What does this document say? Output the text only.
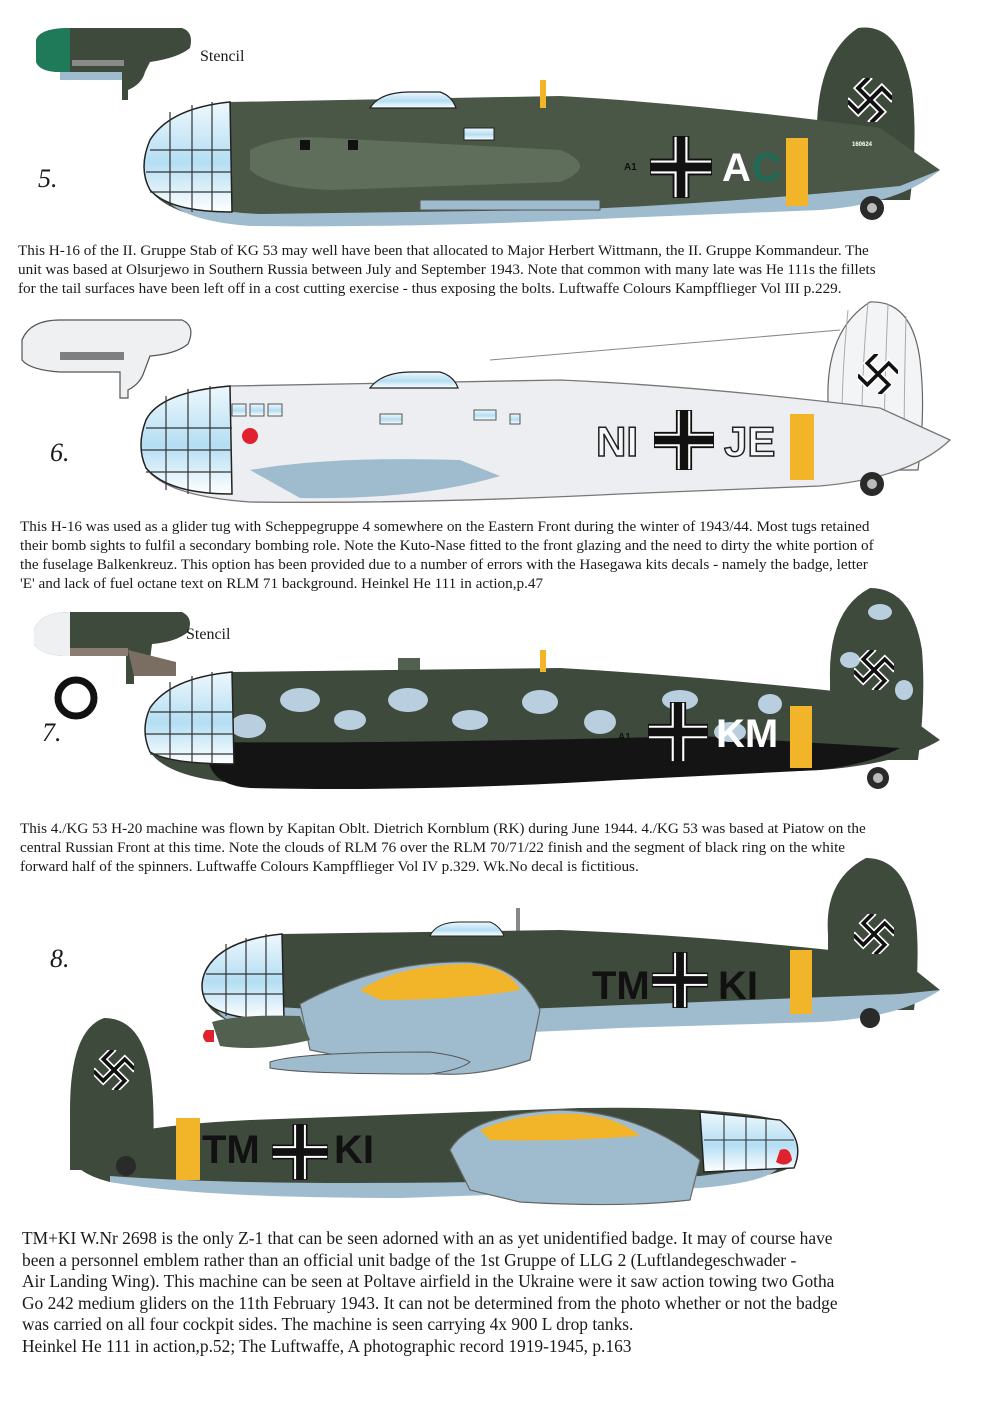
5.
Stencil
A C
A1
160624
6.	NI JE
7.
Stencil
KM
A1
8.
TM KI
TM KI
This H-16 of the II. Gruppe Stab of KG 53 may well have been that allocated to Major Herbert Wittmann, the II. Gruppe Kommandeur. The
unit was based at Olsurjewo in Southern Russia between July and September 1943. Note that common with many late was He 111s the fillets
for the tail surfaces have been left off in a cost cutting exercise - thus exposing the bolts. Luftwaffe Colours Kampfflieger Vol III p.229.
This H-16 was used as a glider tug with Scheppegruppe 4 somewhere on the Eastern Front during the winter of 1943/44. Most tugs retained
their bomb sights to fulfil a secondary bombing role. Note the Kuto-Nase fitted to the front glazing and the need to dirty the white portion of
the fuselage Balkenkreuz. This option has been provided due to a number of errors with the Hasegawa kits decals - namely the badge, letter
'E' and lack of fuel octane text on RLM 71 background. Heinkel He 111 in action,p.47
This 4./KG 53 H-20 machine was flown by Kapitan Oblt. Dietrich Kornblum (RK) during June 1944. 4./KG 53 was based at Piatow on the
central Russian Front at this time. Note the clouds of RLM 76 over the RLM 70/71/22 finish and the segment of black ring on the white
forward half of the spinners. Luftwaffe Colours Kampfflieger Vol IV p.329. Wk.No decal is fictitious.
TM+KI W.Nr 2698 is the only Z-1 that can be seen adorned with an as yet unidentified badge. It may of course have
been a personnel emblem rather than an official unit badge of the 1st Gruppe of LLG 2 (Luftlandegeschwader -
Air Landing Wing). This machine can be seen at Poltave airfield in the Ukraine were it saw action towing two Gotha
Go 242 medium gliders on the 11th February 1943. It can not be determined from the photo whether or not the badge
was carried on all four cockpit sides. The machine is seen carrying 4x 900 L drop tanks.
Heinkel He 111 in action,p.52; The Luftwaffe, A photographic record 1919-1945, p.163
